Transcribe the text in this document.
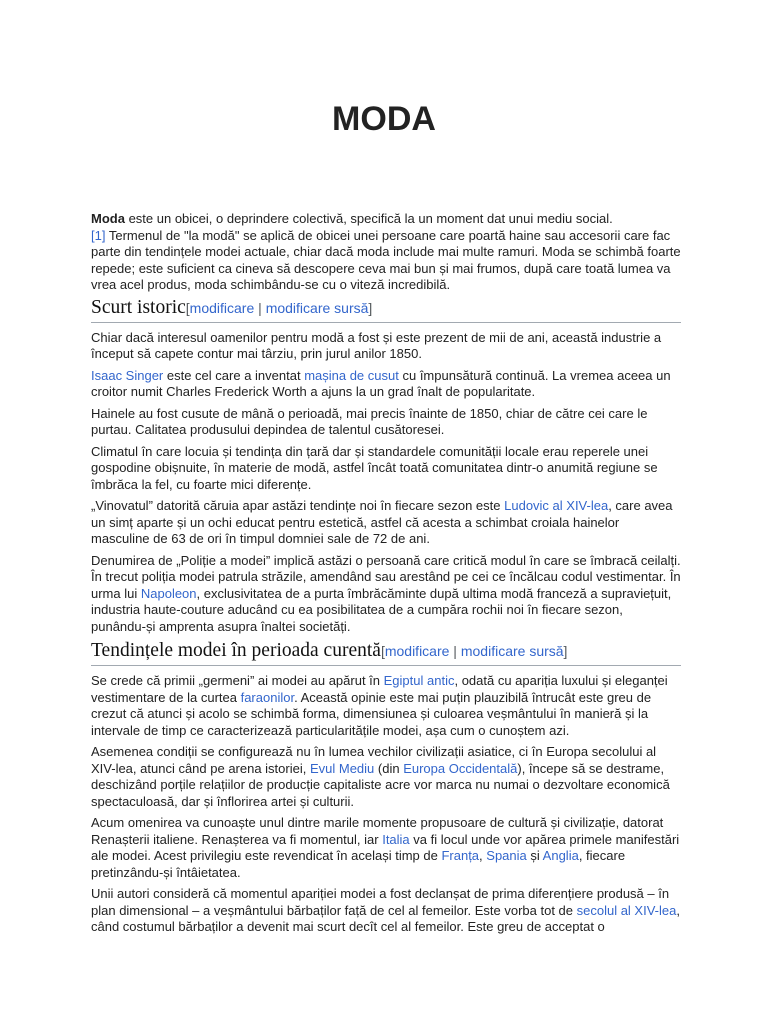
MODA

Moda este un obicei, o deprindere colectivă, specifică la un moment dat unui mediu social.
[1] Termenul de "la modă" se aplică de obicei unei persoane care poartă haine sau accesorii care fac parte din tendințele modei actuale, chiar dacă moda include mai multe ramuri. Moda se schimbă foarte repede; este suficient ca cineva să descopere ceva mai bun și mai frumos, după care toată lumea va vrea acel produs, moda schimbându-se cu o viteză incredibilă.

Scurt istoric[modificare | modificare sursă]

Chiar dacă interesul oamenilor pentru modă a fost și este prezent de mii de ani, această industrie a început să capete contur mai târziu, prin jurul anilor 1850.

Isaac Singer este cel care a inventat mașina de cusut cu împunsătură continuă. La vremea aceea un croitor numit Charles Frederick Worth a ajuns la un grad înalt de popularitate.

Hainele au fost cusute de mână o perioadă, mai precis înainte de 1850, chiar de către cei care le purtau. Calitatea produsului depindea de talentul cusătoresei.

Climatul în care locuia și tendința din țară dar și standardele comunității locale erau reperele unei gospodine obișnuite, în materie de modă, astfel încât toată comunitatea dintr-o anumită regiune se îmbrăca la fel, cu foarte mici diferențe.

„Vinovatul” datorită căruia apar astăzi tendințe noi în fiecare sezon este Ludovic al XIV-lea, care avea un simț aparte și un ochi educat pentru estetică, astfel că acesta a schimbat croiala hainelor masculine de 63 de ori în timpul domniei sale de 72 de ani.

Denumirea de „Poliție a modei” implică astăzi o persoană care critică modul în care se îmbracă ceilalți. În trecut poliția modei patrula străzile, amendând sau arestând pe cei ce încălcau codul vestimentar. În urma lui Napoleon, exclusivitatea de a purta îmbrăcăminte după ultima modă franceză a supraviețuit, industria haute-couture aducând cu ea posibilitatea de a cumpăra rochii noi în fiecare sezon, punându-și amprenta asupra înaltei societăți.

Tendințele modei în perioada curentă[modificare | modificare sursă]

Se crede că primii „germeni” ai modei au apărut în Egiptul antic, odată cu apariția luxului și eleganței vestimentare de la curtea faraonilor. Această opinie este mai puțin plauzibilă întrucât este greu de crezut că atunci și acolo se schimbă forma, dimensiunea și culoarea veșmântului în manieră și la intervale de timp ce caracterizează particularitățile modei, așa cum o cunoștem azi.

Asemenea condiții se configurează nu în lumea vechilor civilizații asiatice, ci în Europa secolului al XIV-lea, atunci când pe arena istoriei, Evul Mediu (din Europa Occidentală), începe să se destrame, deschizând porțile relațiilor de producție capitaliste acre vor marca nu numai o dezvoltare economică spectaculoasă, dar și înflorirea artei și culturii.

Acum omenirea va cunoaște unul dintre marile momente propusoare de cultură și civilizație, datorat Renașterii italiene. Renașterea va fi momentul, iar Italia va fi locul unde vor apărea primele manifestări ale modei. Acest privilegiu este revendicat în același timp de Franța, Spania și Anglia, fiecare pretinzându-și întâietatea.

Unii autori consideră că momentul apariției modei a fost declanșat de prima diferențiere produsă – în plan dimensional – a veșmântului bărbaților față de cel al femeilor. Este vorba tot de secolul al XIV-lea, când costumul bărbaților a devenit mai scurt decît cel al femeilor. Este greu de acceptat o
